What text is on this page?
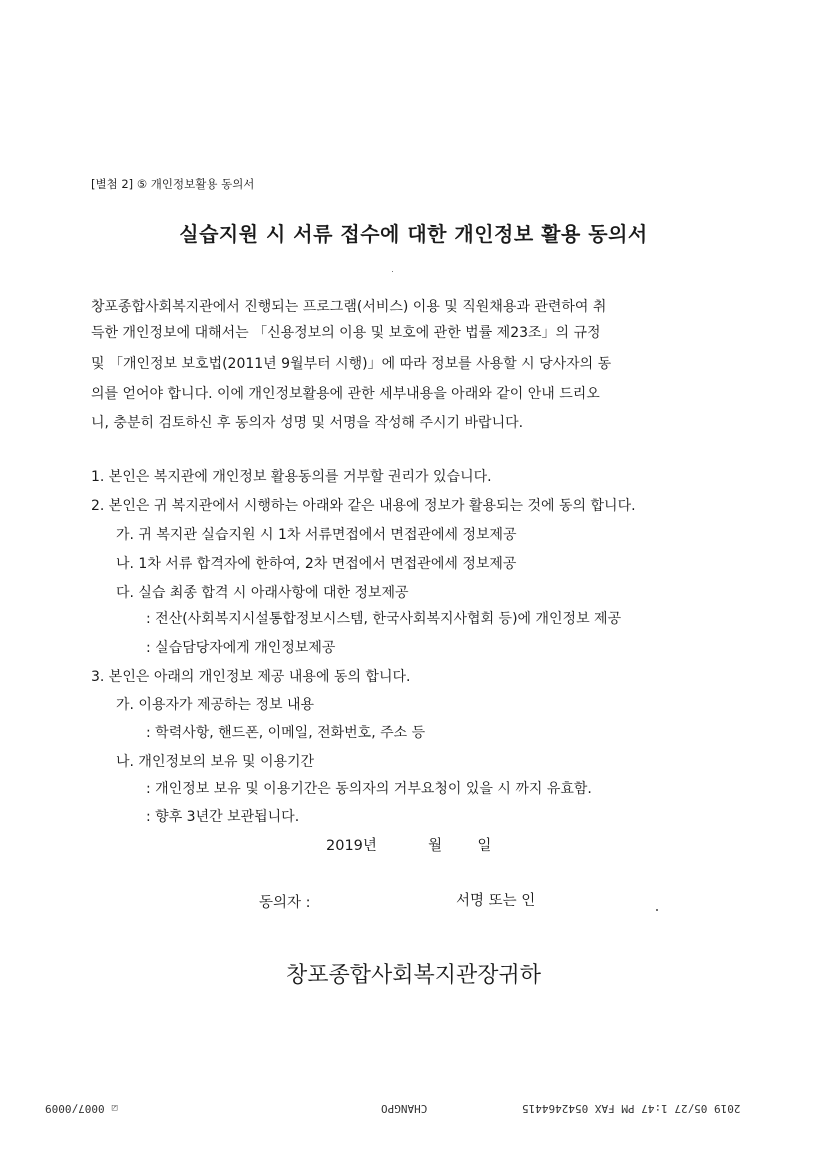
[별첨 2] ⑤ 개인정보활용 동의서
실습지원 시 서류 접수에 대한 개인정보 활용 동의서
창포종합사회복지관에서 진행되는 프로그램(서비스) 이용 및 직원채용과 관련하여 취
득한 개인정보에 대해서는 「신용정보의 이용 및 보호에 관한 법률 제23조」의 규정
및 「개인정보 보호법(2011년 9월부터 시행)」에 따라 정보를 사용할 시 당사자의 동
의를 얻어야 합니다. 이에 개인정보활용에 관한 세부내용을 아래와 같이 안내 드리오
니, 충분히 검토하신 후 동의자 성명 및 서명을 작성해 주시기 바랍니다.
1. 본인은 복지관에 개인정보 활용동의를 거부할 권리가 있습니다.
2. 본인은 귀 복지관에서 시행하는 아래와 같은 내용에 정보가 활용되는 것에 동의 합니다.
가. 귀 복지관 실습지원 시 1차 서류면접에서 면접관에세 정보제공
나. 1차 서류 합격자에 한하여, 2차 면접에서 면접관에세 정보제공
다. 실습 최종 합격 시 아래사항에 대한 정보제공
: 전산(사회복지시설통합정보시스템, 한국사회복지사협회 등)에 개인정보 제공
: 실습담당자에게 개인정보제공
3. 본인은 아래의 개인정보 제공 내용에 동의 합니다.
가. 이용자가 제공하는 정보 내용
: 학력사항, 핸드폰, 이메일, 전화번호, 주소 등
나. 개인정보의 보유 및 이용기간
: 개인정보 보유 및 이용기간은 동의자의 거부요청이 있을 시 까지 유효함.
: 향후 3년간 보관됩니다.
2019년	월 일
동의자 :	서명 또는 인
창포종합사회복지관장귀하
☑ 0007/0009	CHANGPO	2019 05/27 1:47 PM FAX 0542464415
